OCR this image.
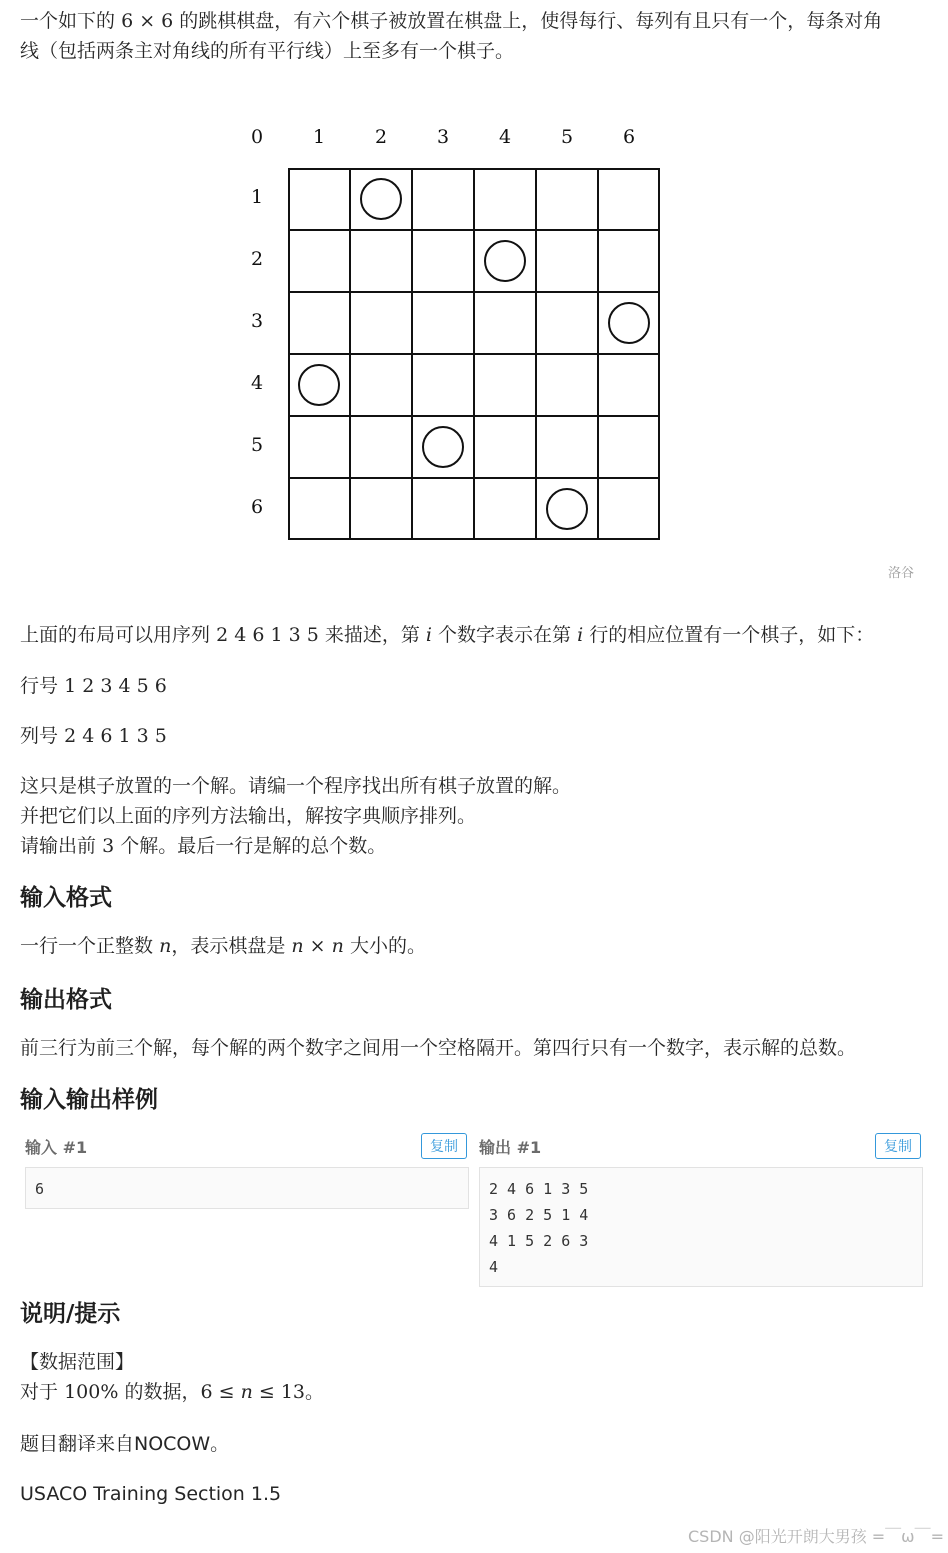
一个如下的 6 × 6 的跳棋棋盘，有六个棋子被放置在棋盘上，使得每行、每列有且只有一个，每条对角
线（包括两条主对角线的所有平行线）上至多有一个棋子。
0	1	2	3	4	5	6
1
2
3
4
5
6
洛谷
上面的布局可以用序列 2 4 6 1 3 5 来描述，第 i 个数字表示在第 i 行的相应位置有一个棋子，如下：
行号 1 2 3 4 5 6
列号 2 4 6 1 3 5
这只是棋子放置的一个解。请编一个程序找出所有棋子放置的解。
并把它们以上面的序列方法输出，解按字典顺序排列。
请输出前 3 个解。最后一行是解的总个数。
输入格式
一行一个正整数 n，表示棋盘是 n × n 大小的。
输出格式
前三行为前三个解，每个解的两个数字之间用一个空格隔开。第四行只有一个数字，表示解的总数。
输入输出样例
输入 #1	复制
6
输出 #1	复制
2 4 6 1 3 5
3 6 2 5 1 4
4 1 5 2 6 3
4
说明/提示
【数据范围】
对于 100% 的数据，6 ≤ n ≤ 13。
题目翻译来自NOCOW。
USACO Training Section 1.5
CSDN @阳光开朗大男孩 =￣ω￣=
